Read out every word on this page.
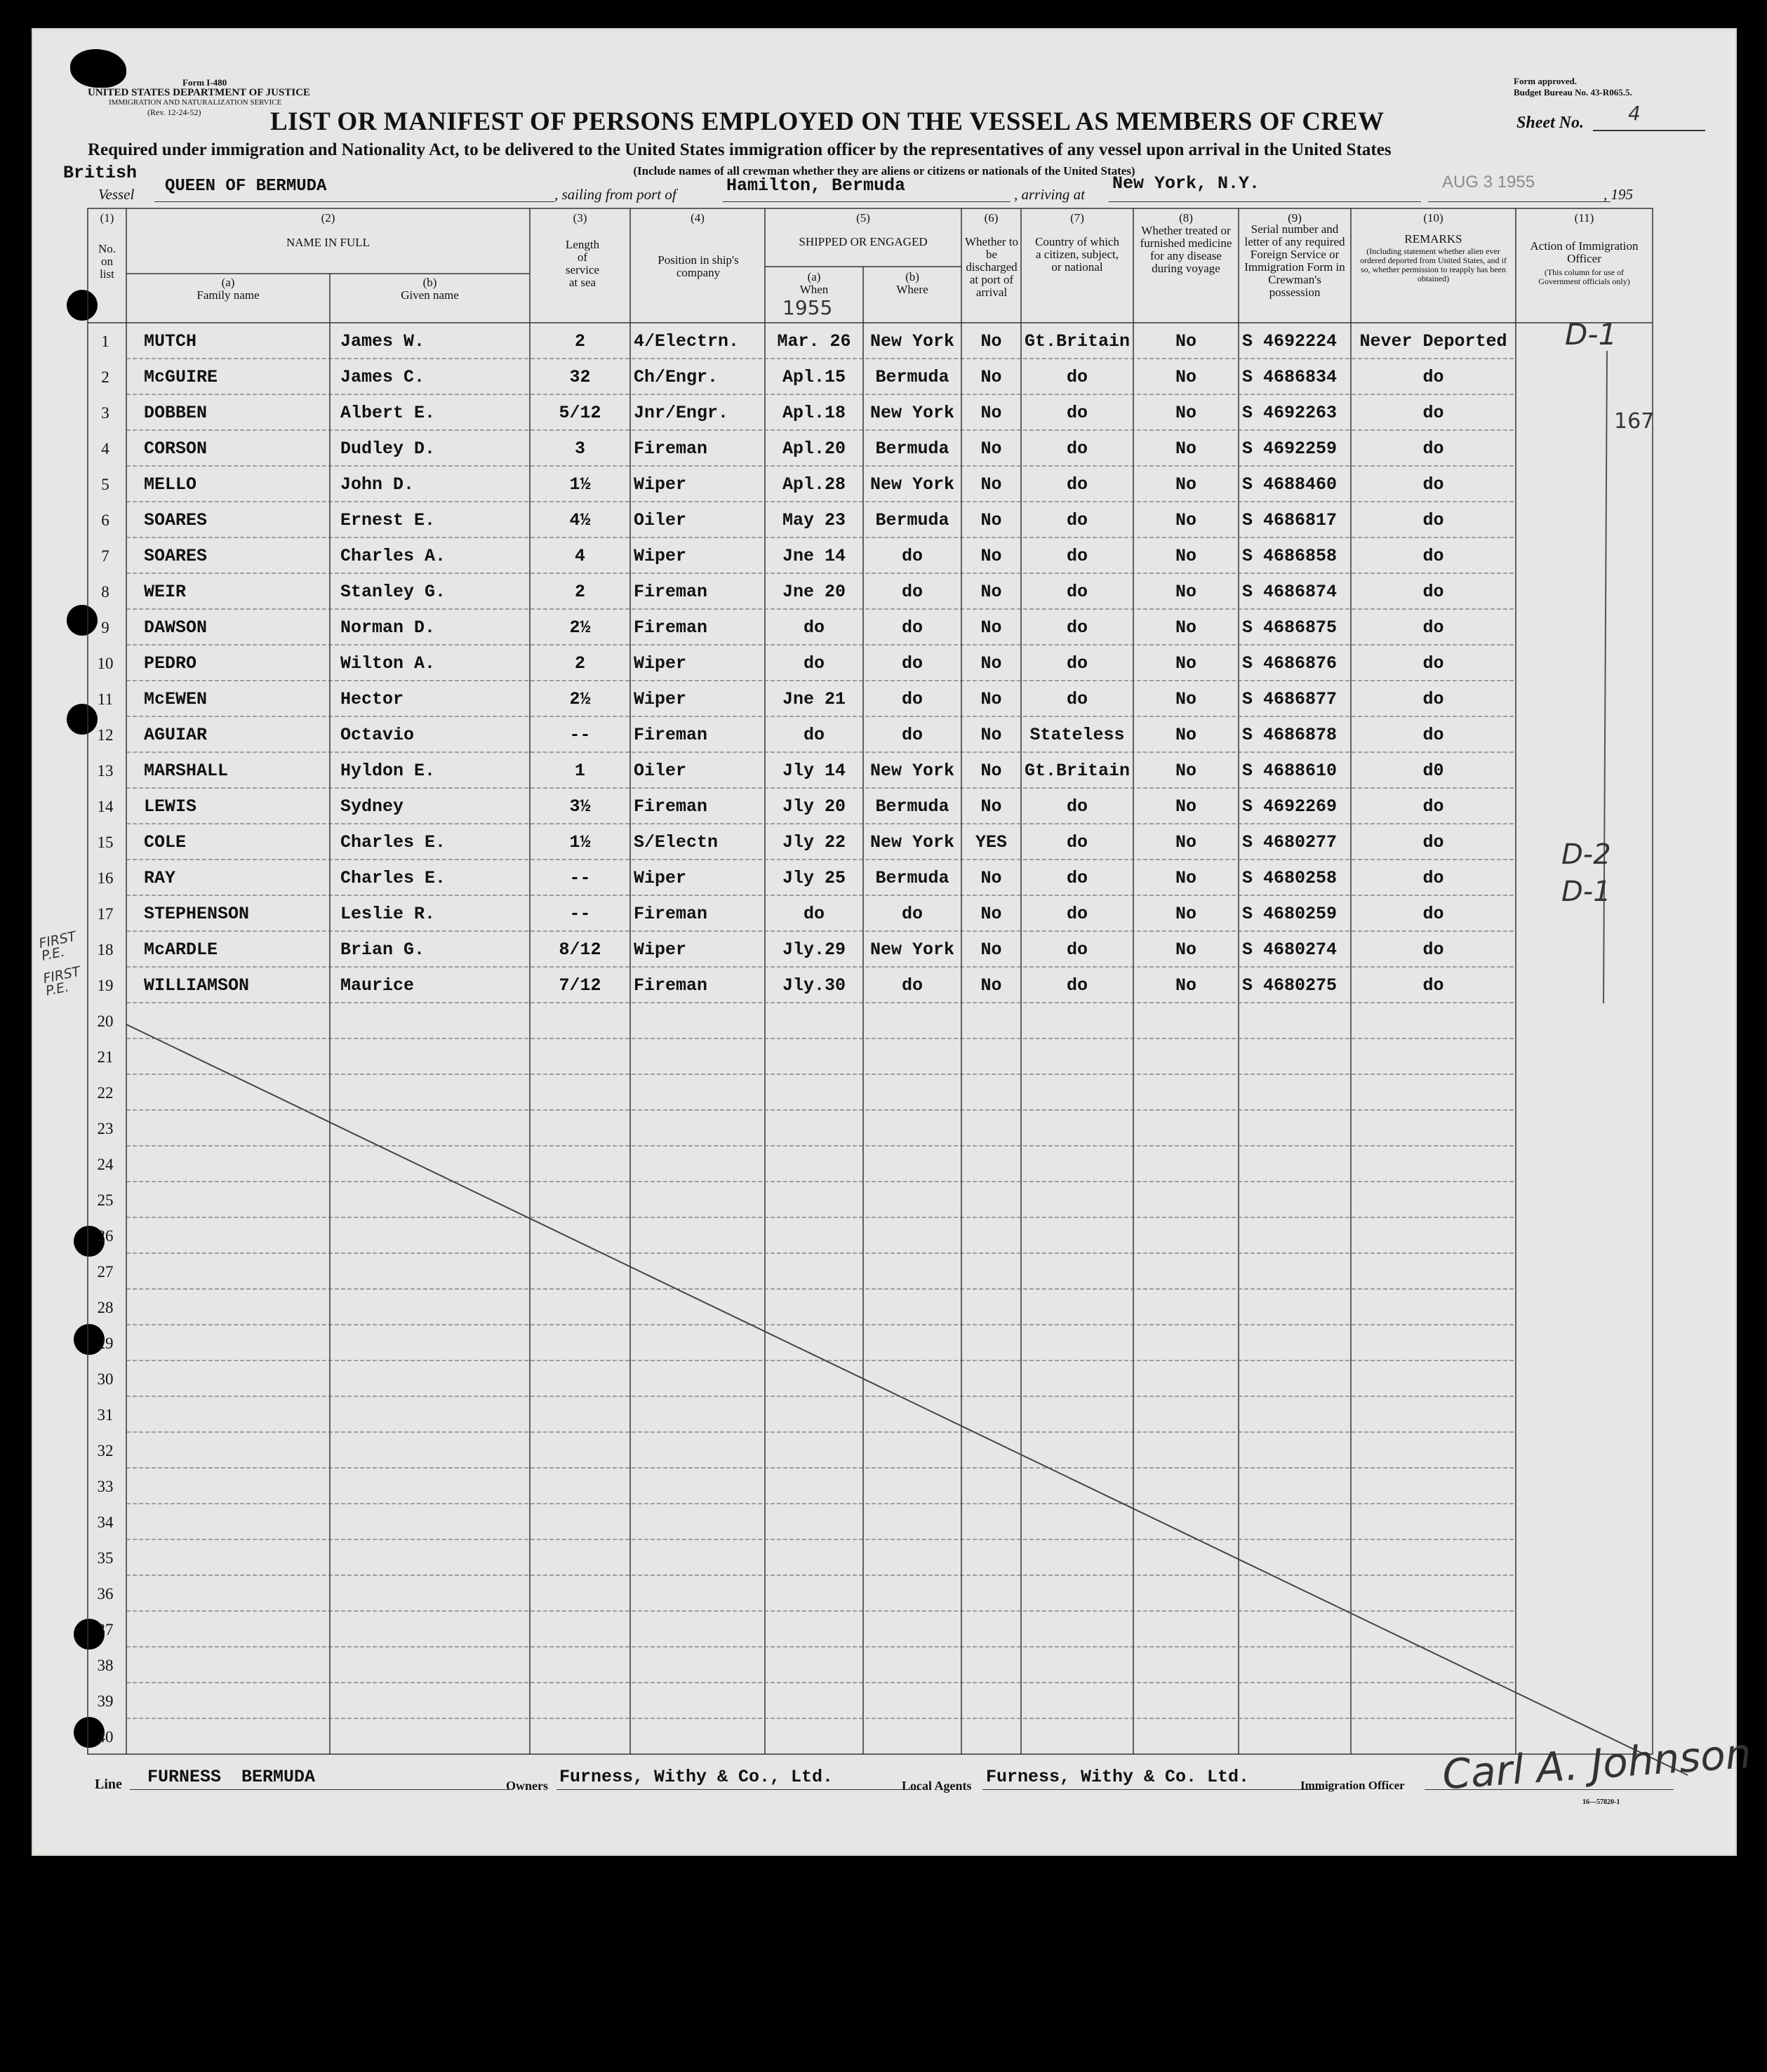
Form I-480
UNITED STATES DEPARTMENT OF JUSTICE
IMMIGRATION AND NATURALIZATION SERVICE
(Rev. 12-24-52)
Form approved.
Budget Bureau No. 43-R065.5.
Sheet No. 4
LIST OR MANIFEST OF PERSONS EMPLOYED ON THE VESSEL AS MEMBERS OF CREW
Required under immigration and Nationality Act, to be delivered to the United States immigration officer by the representatives of any vessel upon arrival in the United States
(Include names of all crewman whether they are aliens or citizens or nationals of the United States)
British
Vessel QUEEN OF BERMUDA	, sailing from port of	Hamilton, Bermuda	, arriving at
New York, N.Y.	AUG 3 1955
, 195
(1)
No. on list
(2)
NAME IN FULL
(a)
Family name
(b)
Given name
(3)
Length of service at sea
(4)
Position in ship's company
(5)
SHIPPED OR ENGAGED
(a)
When
1955
(b)
Where
(6)
Whether to be discharged at port of arrival
(7)
Country of which a citizen, subject, or national
(8)
Whether treated or furnished medicine for any disease during voyage
(9)
Serial number and letter of any required Foreign Service or Immigration Form in Crewman's possession
(10)
REMARKS
(Including statement whether alien ever ordered deported from United States, and if so, whether permission to reapply has been obtained)
(11)
Action of Immigration Officer
(This column for use of Government officials only)
1	MUTCH	James W.	2	4/Electrn.	Mar. 26	New York	No	Gt.Britain	No	S 4692224	Never Deported
2	McGUIRE	James C.	32	Ch/Engr.	Apl.15	Bermuda	No	do	No	S 4686834	do
3	DOBBEN	Albert E.	5/12	Jnr/Engr.	Apl.18	New York	No	do	No	S 4692263	do
4	CORSON	Dudley D.	3	Fireman	Apl.20	Bermuda	No	do	No	S 4692259	do
5	MELLO	John D.	1½	Wiper	Apl.28	New York	No	do	No	S 4688460	do
6	SOARES	Ernest E.	4½	Oiler	May 23	Bermuda	No	do	No	S 4686817	do
7	SOARES	Charles A.	4	Wiper	Jne 14	do	No	do	No	S 4686858	do
8	WEIR	Stanley G.	2	Fireman	Jne 20	do	No	do	No	S 4686874	do
9	DAWSON	Norman D.	2½	Fireman	do	do	No	do	No	S 4686875	do
10	PEDRO	Wilton A.	2	Wiper	do	do	No	do	No	S 4686876	do
11	McEWEN	Hector	2½	Wiper	Jne 21	do	No	do	No	S 4686877	do
12	AGUIAR	Octavio	--	Fireman	do	do	No	Stateless	No	S 4686878	do
13	MARSHALL	Hyldon E.	1	Oiler	Jly 14	New York	No	Gt.Britain	No	S 4688610	d0
14	LEWIS	Sydney	3½	Fireman	Jly 20	Bermuda	No	do	No	S 4692269	do
15	COLE	Charles E.	1½	S/Electn	Jly 22	New York	YES	do	No	S 4680277	do
16	RAY	Charles E.	--	Wiper	Jly 25	Bermuda	No	do	No	S 4680258	do
17	STEPHENSON	Leslie R.	--	Fireman	do	do	No	do	No	S 4680259	do
18	McARDLE	Brian G.	8/12	Wiper	Jly.29	New York	No	do	No	S 4680274	do
19	WILLIAMSON	Maurice	7/12	Fireman	Jly.30	do	No	do	No	S 4680275	do
20
21
22
23
24
25
26
27
28
29
30
31
32
33
34
35
36
37
38
39
40
D-1
167
D-2
D-1
FIRST P.E.
FIRST P.E.
Line FURNESS BERMUDA	Owners Furness, Withy & Co., Ltd.	Local Agents Furness, Withy & Co. Ltd.	Immigration Officer Carl A. Johnson
16—57820-1
